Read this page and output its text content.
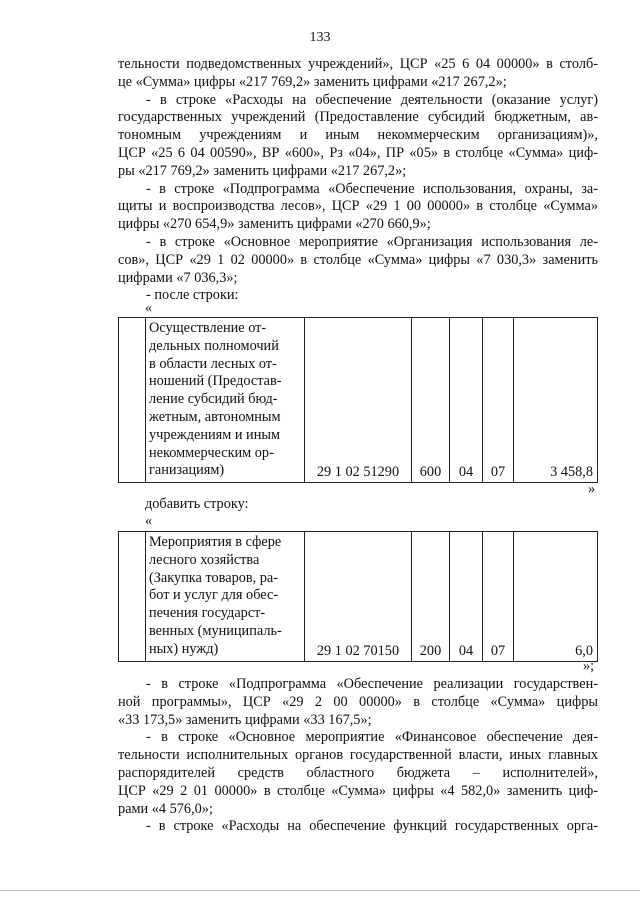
133
тельности подведомственных учреждений», ЦСР «25 6 04 00000» в столб-
це «Сумма» цифры «217 769,2» заменить цифрами «217 267,2»;
- в строке «Расходы на обеспечение деятельности (оказание услуг)
государственных учреждений (Предоставление субсидий бюджетным, ав-
тономным учреждениям и иным некоммерческим организациям)»,
ЦСР «25 6 04 00590», ВР «600», Рз «04», ПР «05» в столбце «Сумма» циф-
ры «217 769,2» заменить цифрами «217 267,2»;
- в строке «Подпрограмма «Обеспечение использования, охраны, за-
щиты и воспроизводства лесов», ЦСР «29 1 00 00000» в столбце «Сумма»
цифры «270 654,9» заменить цифрами «270 660,9»;
- в строке «Основное мероприятие «Организация использования ле-
сов», ЦСР «29 1 02 00000» в столбце «Сумма» цифры «7 030,3» заменить
цифрами «7 036,3»;
- после строки:
«

Осуществление от-
дельных полномочий
в области лесных от-
ношений (Предостав-
ление субсидий бюд-
жетным, автономным
учреждениям и иным
некоммерческим ор-
ганизациям)	29 1 02 51290	600	04	07	3 458,8
»
добавить строку:
«

Мероприятия в сфере
лесного хозяйства
(Закупка товаров, ра-
бот и услуг для обес-
печения государст-
венных (муниципаль-
ных) нужд)	29 1 02 70150	200	04	07	6,0
»;
- в строке «Подпрограмма «Обеспечение реализации государствен-
ной программы», ЦСР «29 2 00 00000» в столбце «Сумма» цифры
«33 173,5» заменить цифрами «33 167,5»;
- в строке «Основное мероприятие «Финансовое обеспечение дея-
тельности исполнительных органов государственной власти, иных главных
распорядителей средств областного бюджета – исполнителей»,
ЦСР «29 2 01 00000» в столбце «Сумма» цифры «4 582,0» заменить циф-
рами «4 576,0»;
- в строке «Расходы на обеспечение функций государственных орга-
